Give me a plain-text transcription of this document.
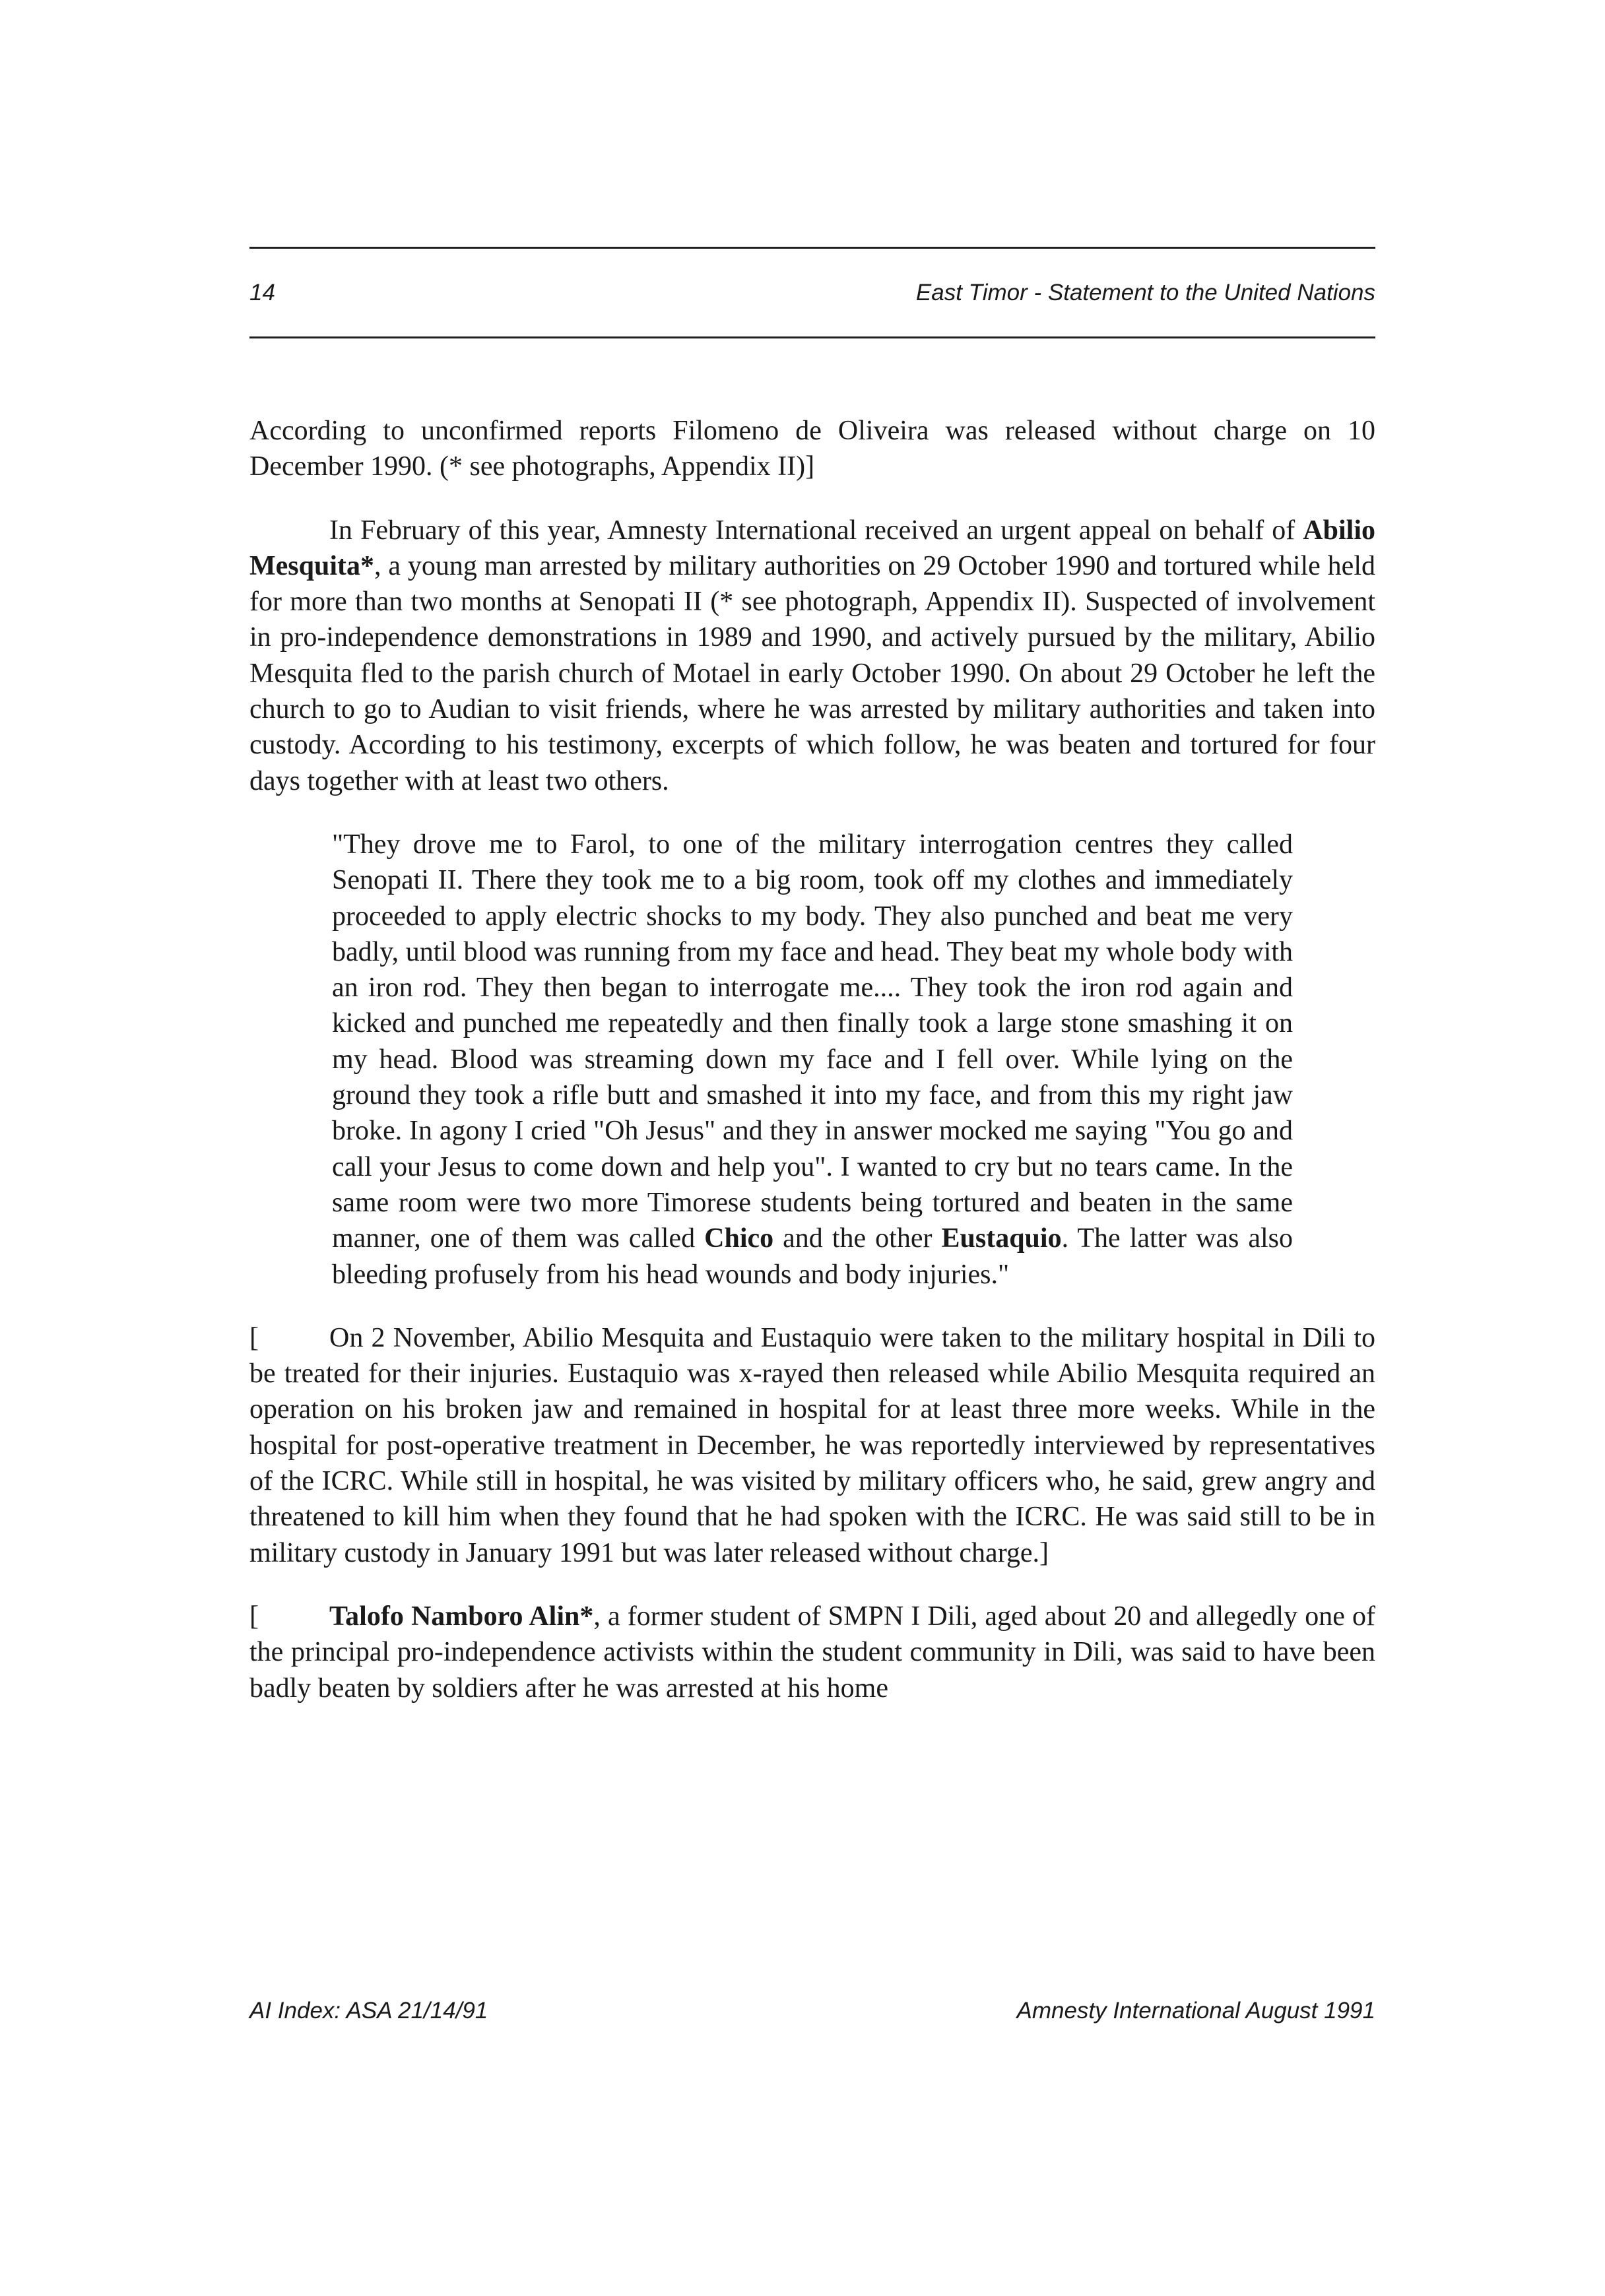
14	East Timor - Statement to the United Nations

According to unconfirmed reports Filomeno de Oliveira was released without charge on 10 December 1990. (* see photographs, Appendix II)]

In February of this year, Amnesty International received an urgent appeal on behalf of Abilio Mesquita*, a young man arrested by military authorities on 29 October 1990 and tortured while held for more than two months at Senopati II (* see photograph, Appendix II). Suspected of involvement in pro-independence demonstrations in 1989 and 1990, and actively pursued by the military, Abilio Mesquita fled to the parish church of Motael in early October 1990. On about 29 October he left the church to go to Audian to visit friends, where he was arrested by military authorities and taken into custody. According to his testimony, excerpts of which follow, he was beaten and tortured for four days together with at least two others.

"They drove me to Farol, to one of the military interrogation centres they called Senopati II. There they took me to a big room, took off my clothes and immediately proceeded to apply electric shocks to my body. They also punched and beat me very badly, until blood was running from my face and head. They beat my whole body with an iron rod. They then began to interrogate me.... They took the iron rod again and kicked and punched me repeatedly and then finally took a large stone smashing it on my head. Blood was streaming down my face and I fell over. While lying on the ground they took a rifle butt and smashed it into my face, and from this my right jaw broke. In agony I cried "Oh Jesus" and they in answer mocked me saying "You go and call your Jesus to come down and help you". I wanted to cry but no tears came. In the same room were two more Timorese students being tortured and beaten in the same manner, one of them was called Chico and the other Eustaquio. The latter was also bleeding profusely from his head wounds and body injuries."

[	On 2 November, Abilio Mesquita and Eustaquio were taken to the military hospital in Dili to be treated for their injuries. Eustaquio was x-rayed then released while Abilio Mesquita required an operation on his broken jaw and remained in hospital for at least three more weeks. While in the hospital for post-operative treatment in December, he was reportedly interviewed by representatives of the ICRC. While still in hospital, he was visited by military officers who, he said, grew angry and threatened to kill him when they found that he had spoken with the ICRC. He was said still to be in military custody in January 1991 but was later released without charge.]

[	Talofo Namboro Alin*, a former student of SMPN I Dili, aged about 20 and allegedly one of the principal pro-independence activists within the student community in Dili, was said to have been badly beaten by soldiers after he was arrested at his home

AI Index: ASA 21/14/91	Amnesty International August 1991
